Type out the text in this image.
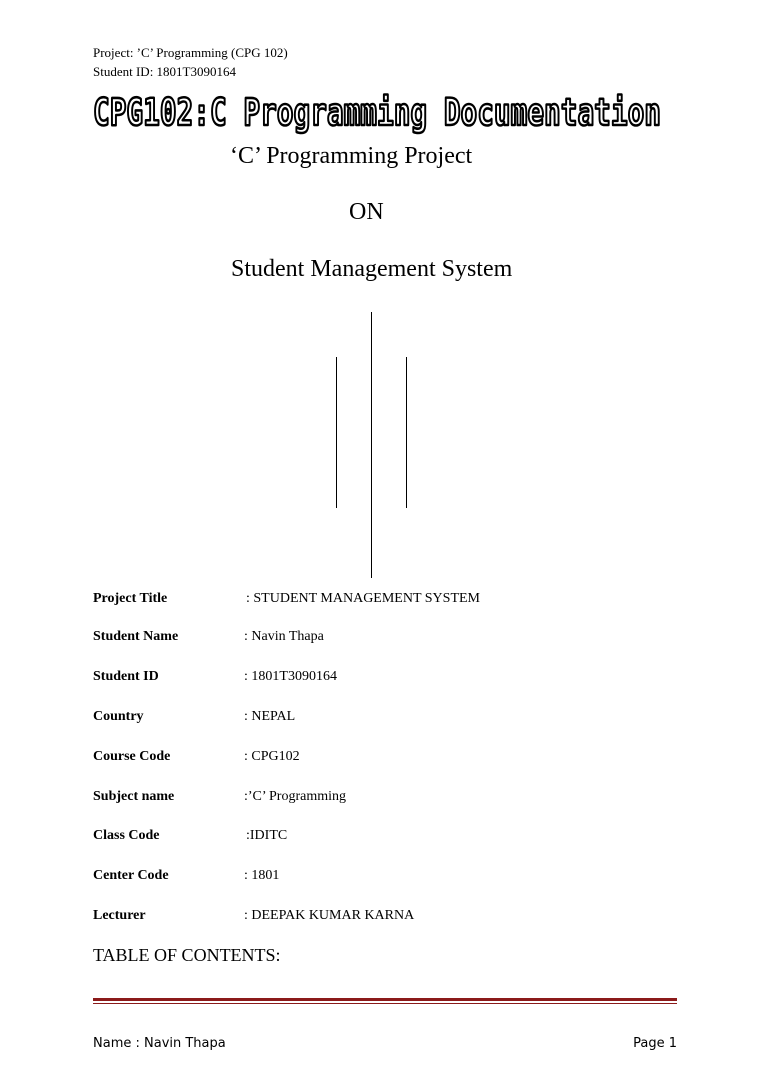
Project: ’C’ Programming (CPG 102)
Student ID: 1801T3090164
CPG102:C Programming Documentation
‘C’ Programming Project
ON
Student Management System
Project Title	: STUDENT MANAGEMENT SYSTEM
Student Name	: Navin Thapa
Student ID	: 1801T3090164
Country	: NEPAL
Course Code	: CPG102
Subject name	:’C’ Programming
Class Code	:IDITC
Center Code	: 1801
Lecturer	: DEEPAK KUMAR KARNA
TABLE OF CONTENTS:
Name : Navin Thapa	Page 1
